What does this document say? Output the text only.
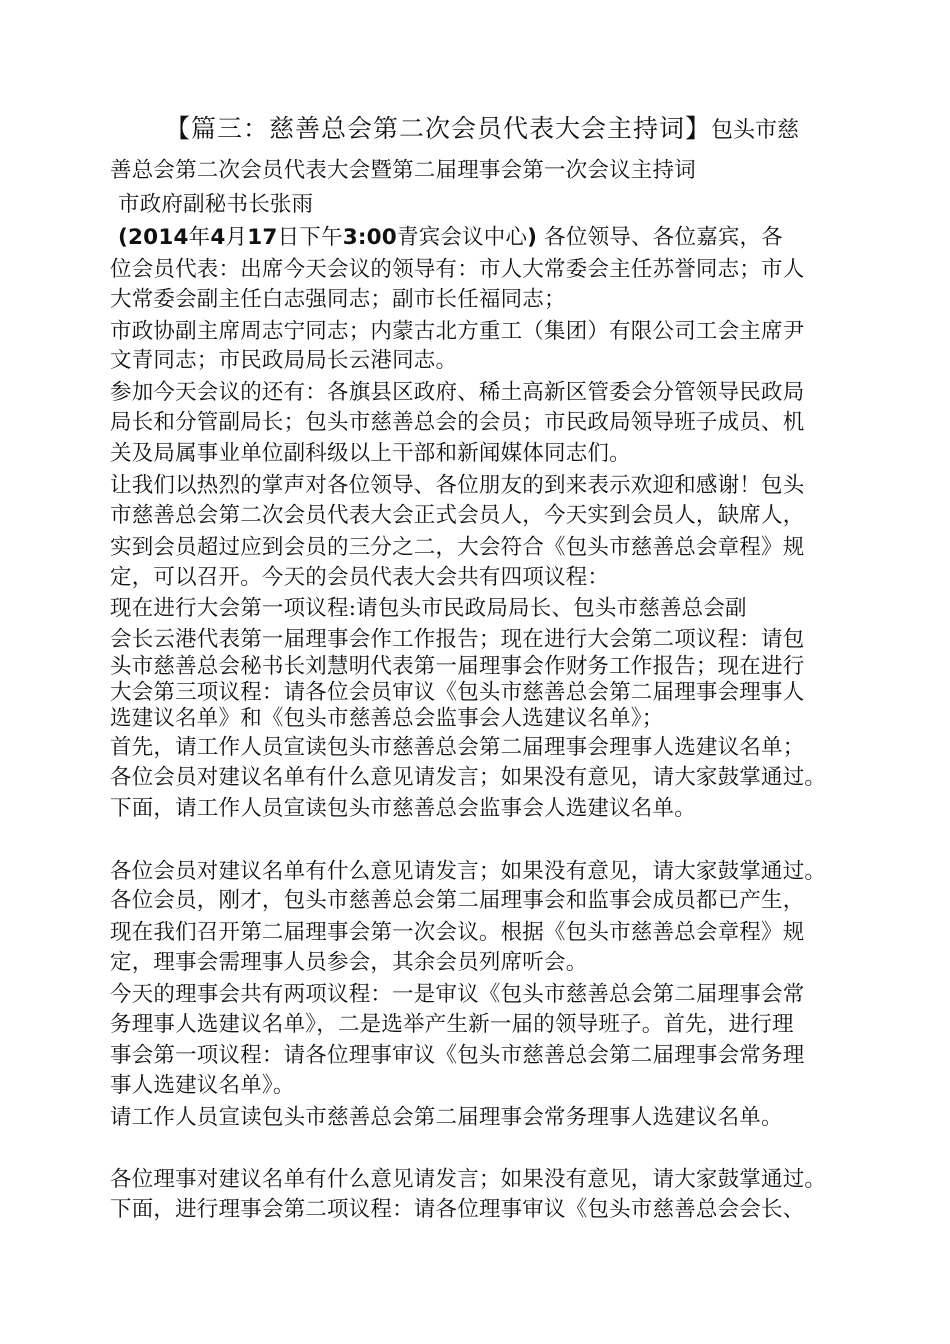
【篇三：慈善总会第二次会员代表大会主持词】包头市慈
善总会第二次会员代表大会暨第二届理事会第一次会议主持词
市政府副秘书长张雨
(2014年4月17日下午3:00青宾会议中心) 各位领导、各位嘉宾，各
位会员代表：出席今天会议的领导有：市人大常委会主任苏誉同志；市人
大常委会副主任白志强同志；副市长任福同志；
市政协副主席周志宁同志；内蒙古北方重工（集团）有限公司工会主席尹
文青同志；市民政局局长云港同志。
参加今天会议的还有：各旗县区政府、稀土高新区管委会分管领导民政局
局长和分管副局长；包头市慈善总会的会员；市民政局领导班子成员、机
关及局属事业单位副科级以上干部和新闻媒体同志们。
让我们以热烈的掌声对各位领导、各位朋友的到来表示欢迎和感谢！包头
市慈善总会第二次会员代表大会正式会员人，今天实到会员人，缺席人，
实到会员超过应到会员的三分之二，大会符合《包头市慈善总会章程》规
定，可以召开。今天的会员代表大会共有四项议程：
现在进行大会第一项议程:请包头市民政局局长、包头市慈善总会副
会长云港代表第一届理事会作工作报告；现在进行大会第二项议程：请包
头市慈善总会秘书长刘慧明代表第一届理事会作财务工作报告；现在进行
大会第三项议程：请各位会员审议《包头市慈善总会第二届理事会理事人
选建议名单》和《包头市慈善总会监事会人选建议名单》；
首先，请工作人员宣读包头市慈善总会第二届理事会理事人选建议名单；
各位会员对建议名单有什么意见请发言；如果没有意见，请大家鼓掌通过。
下面，请工作人员宣读包头市慈善总会监事会人选建议名单。
各位会员对建议名单有什么意见请发言；如果没有意见，请大家鼓掌通过。
各位会员，刚才，包头市慈善总会第二届理事会和监事会成员都已产生，
现在我们召开第二届理事会第一次会议。根据《包头市慈善总会章程》规
定，理事会需理事人员参会，其余会员列席听会。
今天的理事会共有两项议程：一是审议《包头市慈善总会第二届理事会常
务理事人选建议名单》，二是选举产生新一届的领导班子。首先，进行理
事会第一项议程：请各位理事审议《包头市慈善总会第二届理事会常务理
事人选建议名单》。
请工作人员宣读包头市慈善总会第二届理事会常务理事人选建议名单。
各位理事对建议名单有什么意见请发言；如果没有意见，请大家鼓掌通过。
下面，进行理事会第二项议程：请各位理事审议《包头市慈善总会会长、
